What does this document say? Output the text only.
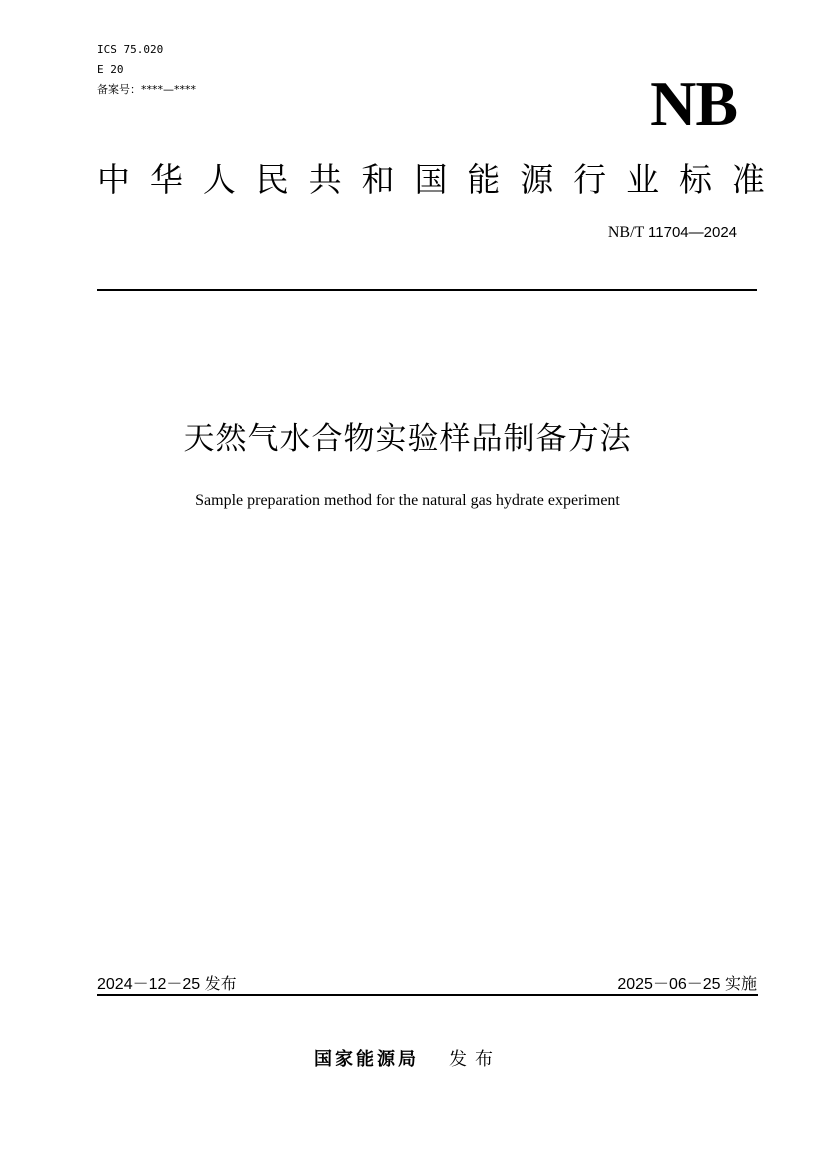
ICS 75.020
E 20
备案号：****—****	NB
中 华 人 民 共 和 国 能 源 行 业 标 准
NB/T 11704—2024
天然气水合物实验样品制备方法
Sample preparation method for the natural gas hydrate experiment
2024－12－25 发布	2025－06－25 实施
国家能源局 发布
